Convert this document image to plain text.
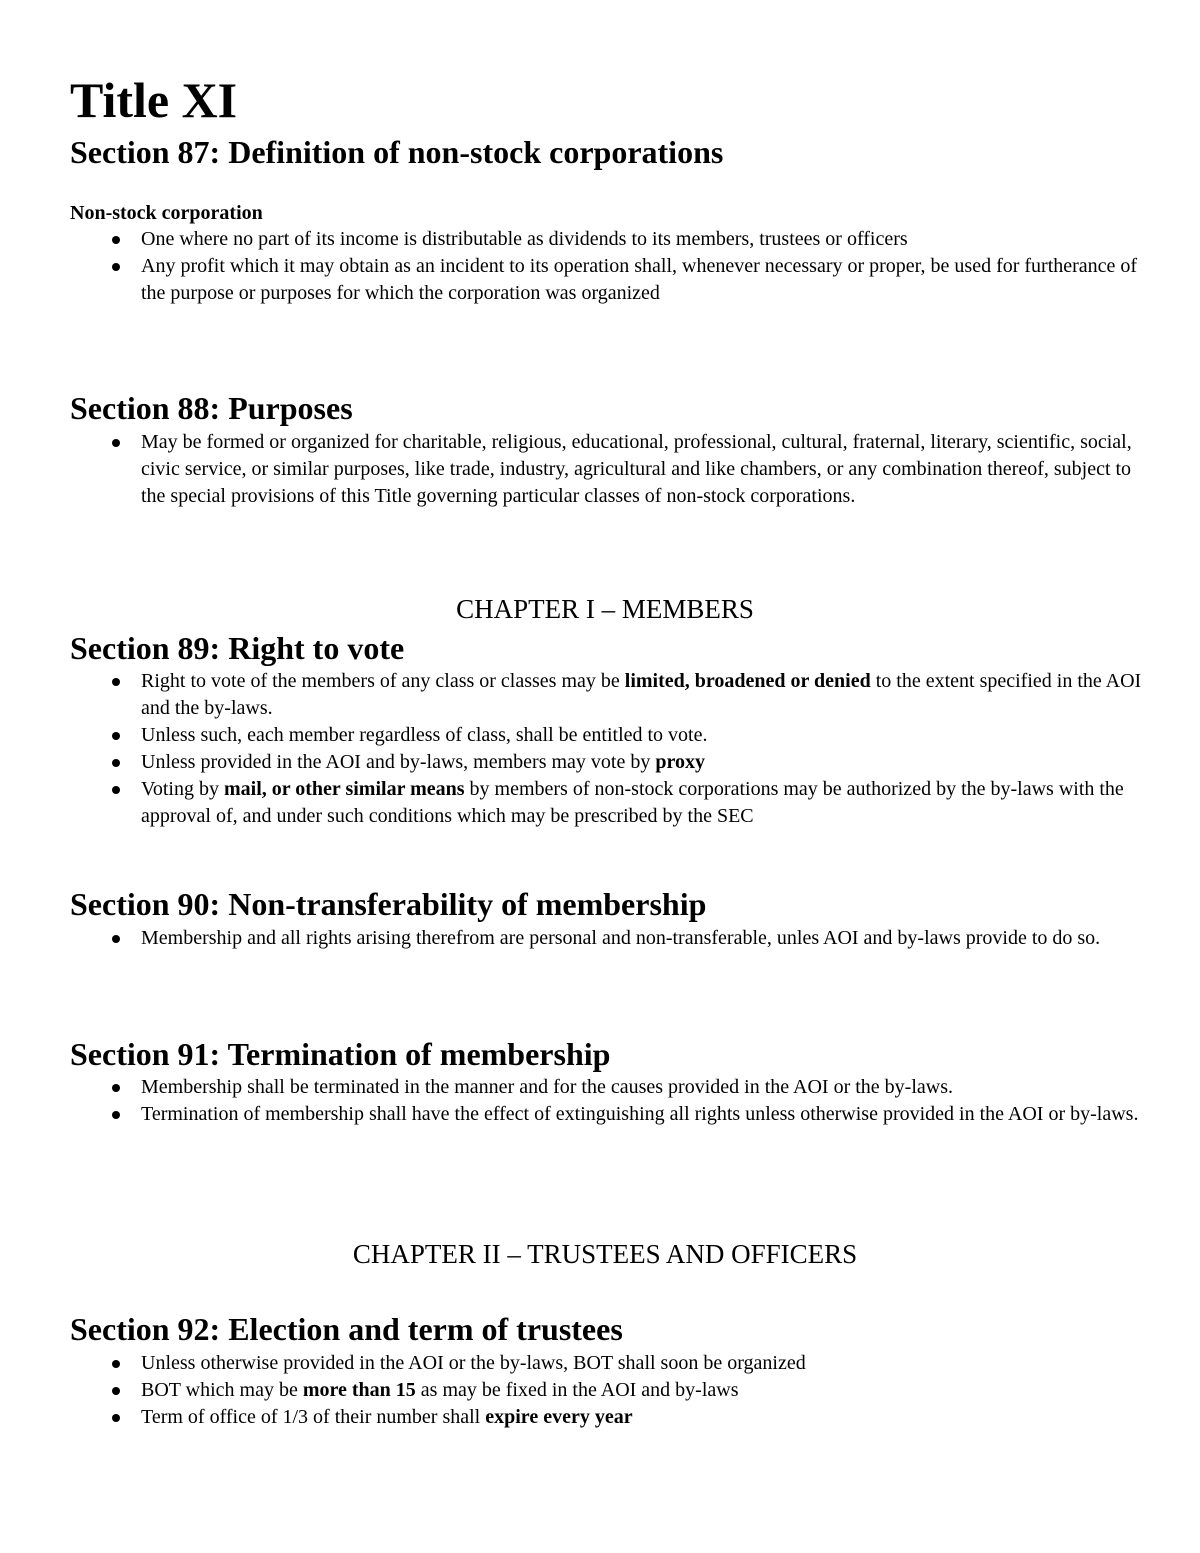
Title XI
Section 87: Definition of non-stock corporations
Non-stock corporation
One where no part of its income is distributable as dividends to its members, trustees or officers
Any profit which it may obtain as an incident to its operation shall, whenever necessary or proper, be used for furtherance of the purpose or purposes for which the corporation was organized
Section 88: Purposes
May be formed or organized for charitable, religious, educational, professional, cultural, fraternal, literary, scientific, social, civic service, or similar purposes, like trade, industry, agricultural and like chambers, or any combination thereof, subject to the special provisions of this Title governing particular classes of non-stock corporations.
CHAPTER I – MEMBERS
Section 89: Right to vote
Right to vote of the members of any class or classes may be limited, broadened or denied to the extent specified in the AOI and the by-laws.
Unless such, each member regardless of class, shall be entitled to vote.
Unless provided in the AOI and by-laws, members may vote by proxy
Voting by mail, or other similar means by members of non-stock corporations may be authorized by the by-laws with the approval of, and under such conditions which may be prescribed by the SEC
Section 90: Non-transferability of membership
Membership and all rights arising therefrom are personal and non-transferable, unles AOI and by-laws provide to do so.
Section 91: Termination of membership
Membership shall be terminated in the manner and for the causes provided in the AOI or the by-laws.
Termination of membership shall have the effect of extinguishing all rights unless otherwise provided in the AOI or by-laws.
CHAPTER II – TRUSTEES AND OFFICERS
Section 92: Election and term of trustees
Unless otherwise provided in the AOI or the by-laws, BOT shall soon be organized
BOT which may be more than 15 as may be fixed in the AOI and by-laws
Term of office of 1/3 of their number shall expire every year
